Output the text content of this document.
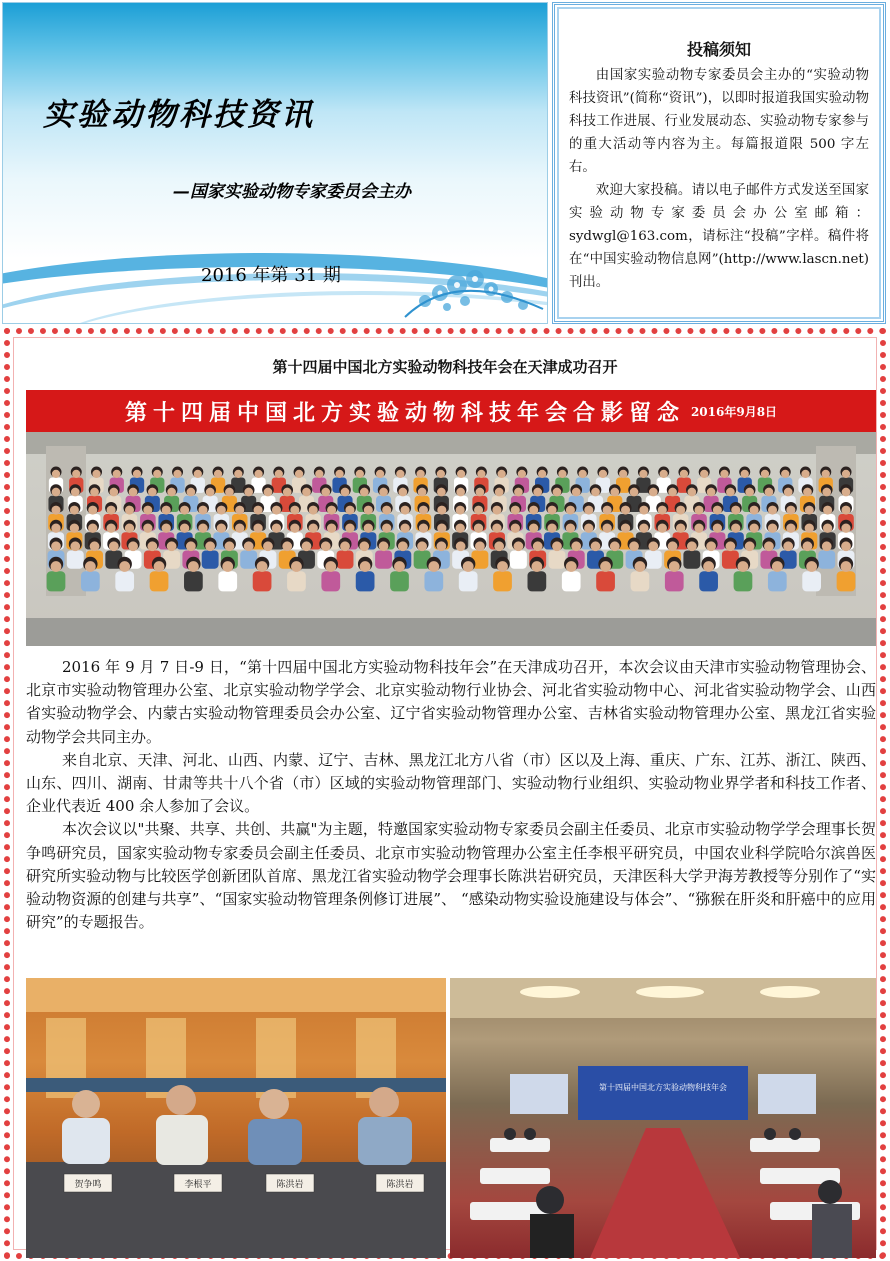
实验动物科技资讯
—国家实验动物专家委员会主办
2016 年第 31 期
投稿须知

由国家实验动物专家委员会主办的“实验动物科技资讯”(简称“资讯”)，以即时报道我国实验动物科技工作进展、行业发展动态、实验动物专家参与的重大活动等内容为主。每篇报道限 500 字左右。

欢迎大家投稿。请以电子邮件方式发送至国家实验动物专家委员会办公室邮箱：sydwgl@163.com，请标注“投稿”字样。稿件将在“中国实验动物信息网”(http://www.lascn.net)刊出。

第十四届中国北方实验动物科技年会在天津成功召开
第十四届中国北方实验动物科技年会合影留念 2016年9月8日

2016 年 9 月 7 日-9 日，“第十四届中国北方实验动物科技年会”在天津成功召开，本次会议由天津市实验动物管理协会、北京市实验动物管理办公室、北京实验动物学学会、北京实验动物行业协会、河北省实验动物中心、河北省实验动物学会、山西省实验动物学会、内蒙古实验动物管理委员会办公室、辽宁省实验动物管理办公室、吉林省实验动物管理办公室、黑龙江省实验动物学会共同主办。

来自北京、天津、河北、山西、内蒙、辽宁、吉林、黑龙江北方八省（市）区以及上海、重庆、广东、江苏、浙江、陕西、山东、四川、湖南、甘肃等共十八个省（市）区域的实验动物管理部门、实验动物行业组织、实验动物业界学者和科技工作者、企业代表近 400 余人参加了会议。

本次会议以"共聚、共享、共创、共赢"为主题，特邀国家实验动物专家委员会副主任委员、北京市实验动物学学会理事长贺争鸣研究员，国家实验动物专家委员会副主任委员、北京市实验动物管理办公室主任李根平研究员，中国农业科学院哈尔滨兽医研究所实验动物与比较医学创新团队首席、黑龙江省实验动物学会理事长陈洪岩研究员，天津医科大学尹海芳教授等分别作了“实验动物资源的创建与共享”、“国家实验动物管理条例修订进展”、 “感染动物实验设施建设与体会”、“猕猴在肝炎和肝癌中的应用研究”的专题报告。

贺争鸣	李根平	陈洪岩	陈洪岩
第十四届中国北方实验动物科技年会
